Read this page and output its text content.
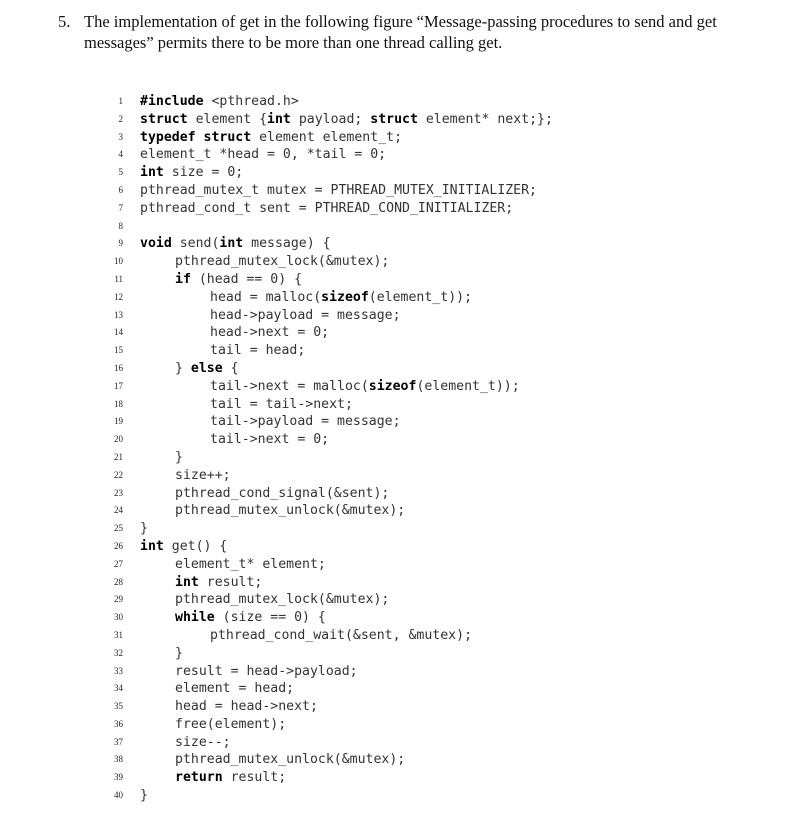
5. The implementation of get in the following figure “Message-passing procedures to send and get messages” permits there to be more than one thread calling get.
1 #include <pthread.h>
2 struct element {int payload; struct element* next;};
3 typedef struct element element_t;
4 element_t *head = 0, *tail = 0;
5 int size = 0;
6 pthread_mutex_t mutex = PTHREAD_MUTEX_INITIALIZER;
7 pthread_cond_t sent = PTHREAD_COND_INITIALIZER;
8
9 void send(int message) {
10	pthread_mutex_lock(&mutex);
11	if (head == 0) {
12	head = malloc(sizeof(element_t));
13	head->payload = message;
14	head->next = 0;
15	tail = head;
16	} else {
17	tail->next = malloc(sizeof(element_t));
18	tail = tail->next;
19	tail->payload = message;
20	tail->next = 0;
21	}
22	size++;
23	pthread_cond_signal(&sent);
24	pthread_mutex_unlock(&mutex);
25 }
26 int get() {
27	element_t* element;
28	int result;
29	pthread_mutex_lock(&mutex);
30	while (size == 0) {
31	pthread_cond_wait(&sent, &mutex);
32	}
33	result = head->payload;
34	element = head;
35	head = head->next;
36	free(element);
37	size--;
38	pthread_mutex_unlock(&mutex);
39	return result;
40 }
